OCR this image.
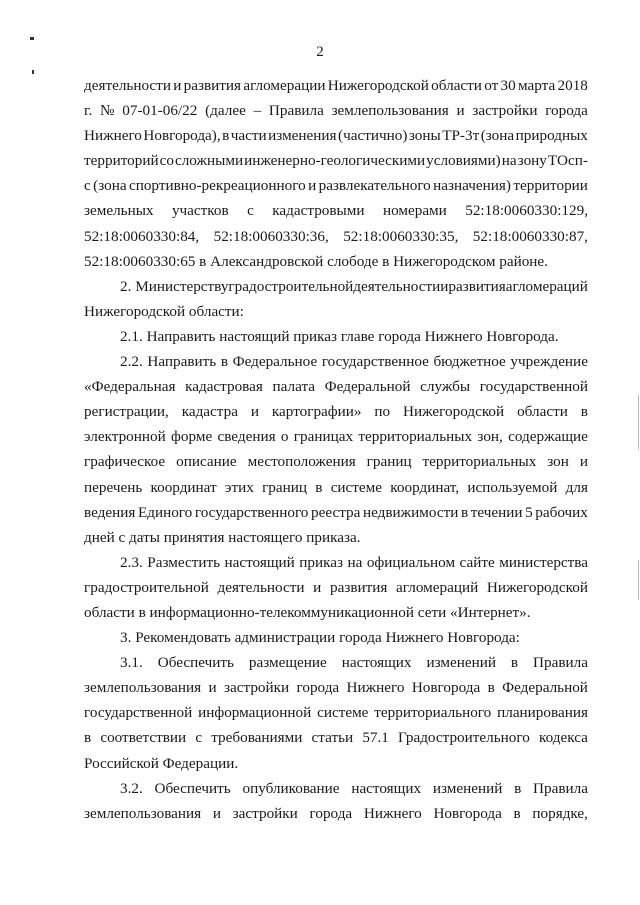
2
деятельности и развития агломерации Нижегородской области от 30 марта 2018
г. № 07-01-06/22 (далее – Правила землепользования и застройки города
Нижнего Новгорода), в части изменения (частично) зоны ТР-3т (зона природных
территорий со сложными инженерно-геологическими условиями) на зону ТОсп-
с (зона спортивно-рекреационного и развлекательного назначения) территории
земельных участков с кадастровыми номерами 52:18:0060330:129,
52:18:0060330:84, 52:18:0060330:36, 52:18:0060330:35, 52:18:0060330:87,
52:18:0060330:65 в Александровской слободе в Нижегородском районе.
2. Министерству градостроительной деятельности и развития агломераций
Нижегородской области:
2.1. Направить настоящий приказ главе города Нижнего Новгорода.
2.2. Направить в Федеральное государственное бюджетное учреждение
«Федеральная кадастровая палата Федеральной службы государственной
регистрации, кадастра и картографии» по Нижегородской области в
электронной форме сведения о границах территориальных зон, содержащие
графическое описание местоположения границ территориальных зон и
перечень координат этих границ в системе координат, используемой для
ведения Единого государственного реестра недвижимости в течении 5 рабочих
дней с даты принятия настоящего приказа.
2.3. Разместить настоящий приказ на официальном сайте министерства
градостроительной деятельности и развития агломераций Нижегородской
области в информационно-телекоммуникационной сети «Интернет».
3. Рекомендовать администрации города Нижнего Новгорода:
3.1. Обеспечить размещение настоящих изменений в Правила
землепользования и застройки города Нижнего Новгорода в Федеральной
государственной информационной системе территориального планирования
в соответствии с требованиями статьи 57.1 Градостроительного кодекса
Российской Федерации.
3.2. Обеспечить опубликование настоящих изменений в Правила
землепользования и застройки города Нижнего Новгорода в порядке,
